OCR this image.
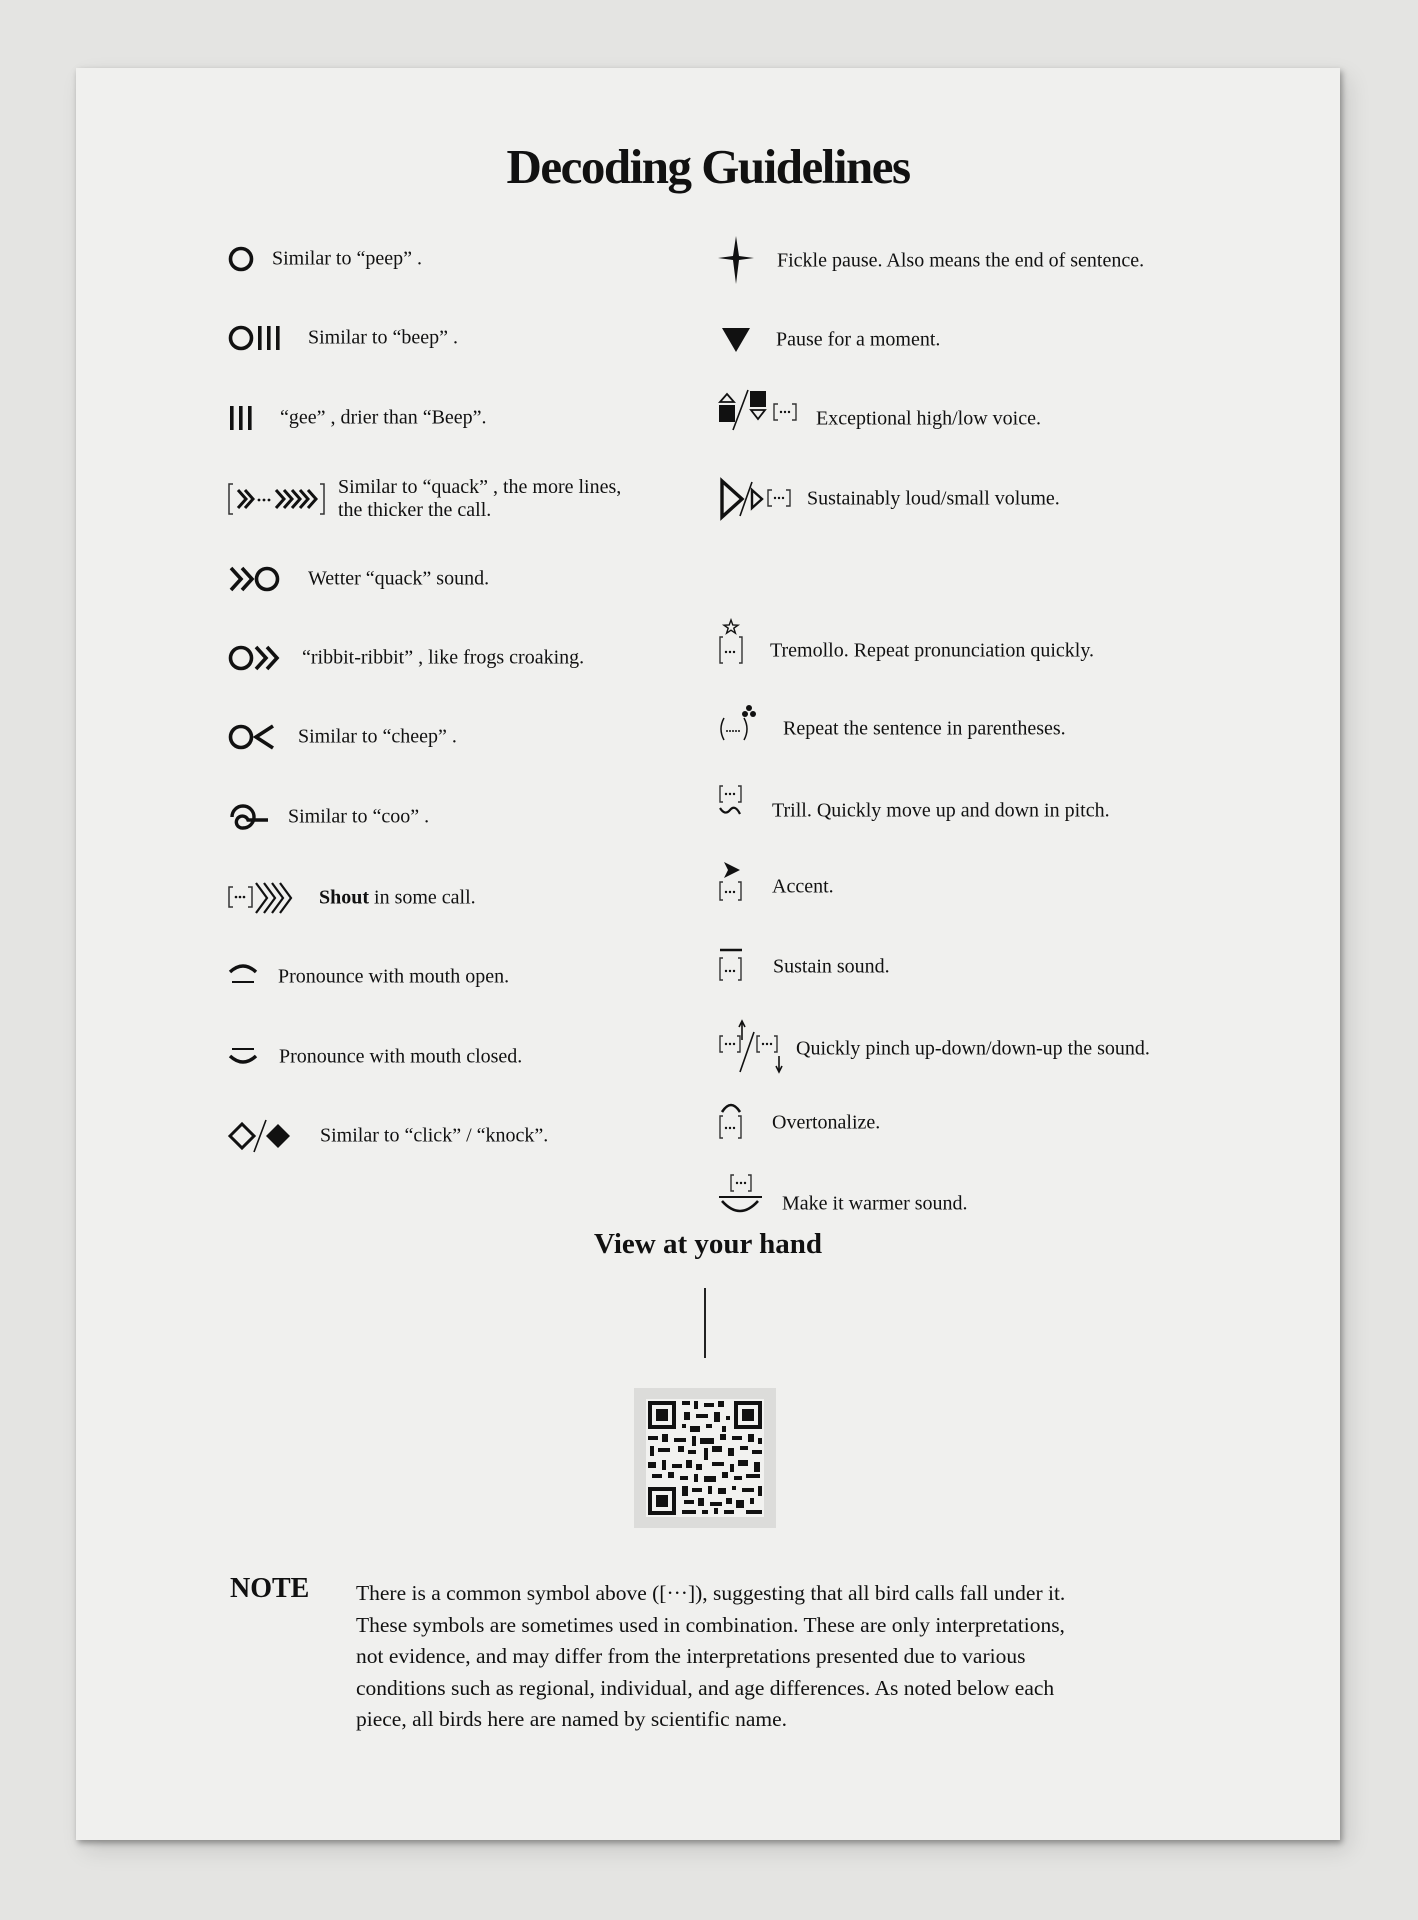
Decoding Guidelines
Similar to “peep” .
Similar to “beep” .
“gee” , drier than “Beep”.
Similar to “quack” , the more lines,
the thicker the call.
Wetter “quack” sound.
“ribbit-ribbit” , like frogs croaking.
Similar to “cheep” .
Similar to “coo” .
Shout in some call.
Pronounce with mouth open.
Pronounce with mouth closed.
Similar to “click” / “knock”.
Fickle pause. Also means the end of sentence.
Pause for a moment.
Exceptional high/low voice.
Sustainably loud/small volume.
Tremollo. Repeat pronunciation quickly.
Repeat the sentence in parentheses.
Trill. Quickly move up and down in pitch.
Accent.
Sustain sound.
Quickly pinch up-down/down-up the sound.
Overtonalize.
Make it warmer sound.
View at your hand
NOTE There is a common symbol above ([···]), suggesting that all bird calls fall under it.
These symbols are sometimes used in combination. These are only interpretations,
not evidence, and may differ from the interpretations presented due to various
conditions such as regional, individual, and age differences. As noted below each
piece, all birds here are named by scientific name.
